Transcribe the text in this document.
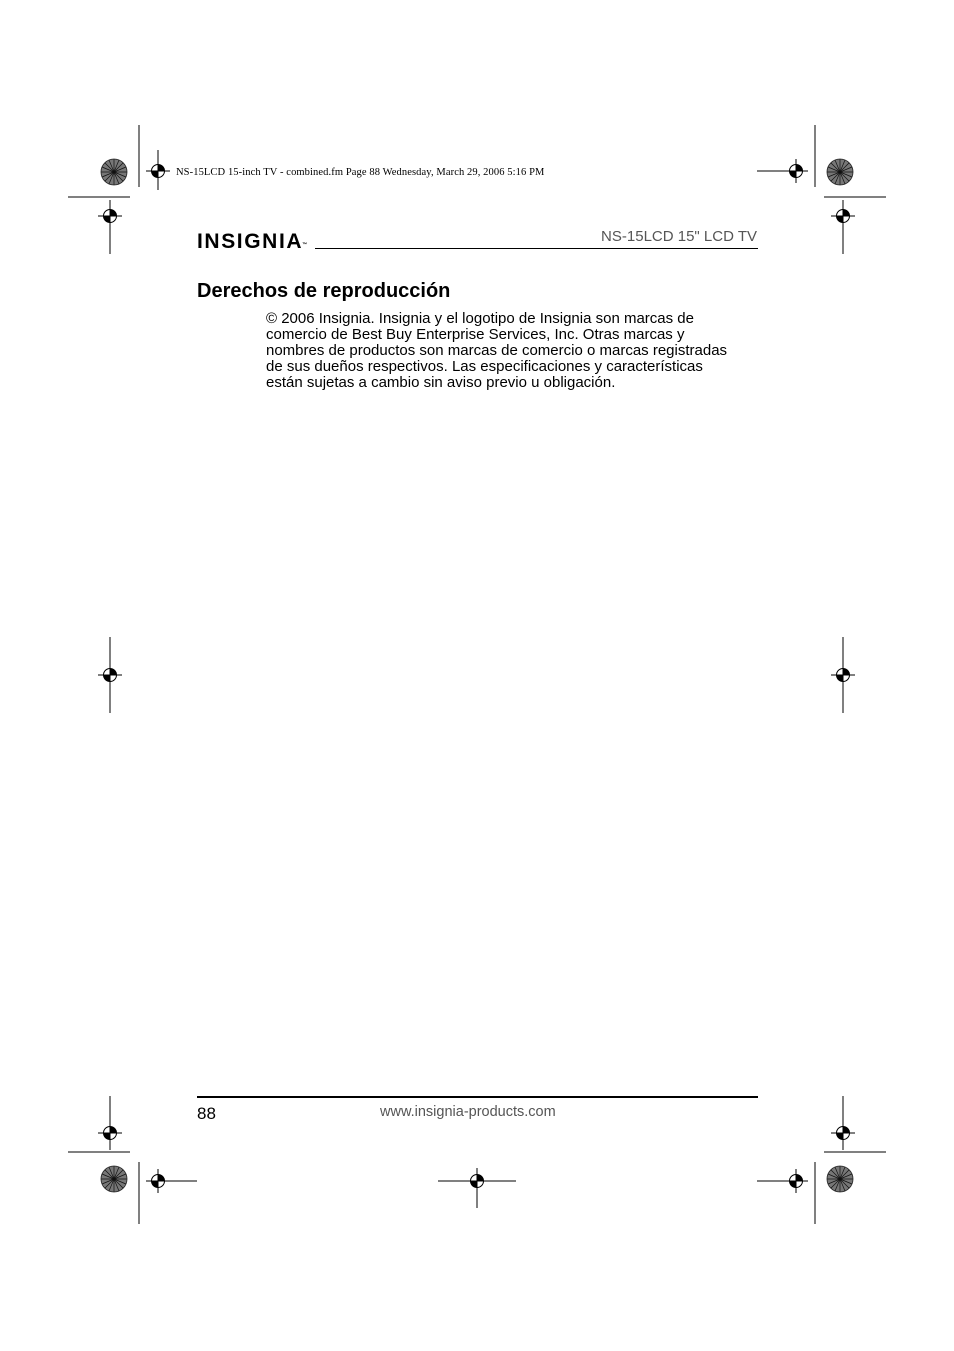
NS-15LCD 15-inch TV - combined.fm Page 88 Wednesday, March 29, 2006 5:16 PM
INSIGNIA™	NS-15LCD 15" LCD TV
Derechos de reproducción

© 2006 Insignia. Insignia y el logotipo de Insignia son marcas de
comercio de Best Buy Enterprise Services, Inc. Otras marcas y
nombres de productos son marcas de comercio o marcas registradas
de sus dueños respectivos. Las especificaciones y características
están sujetas a cambio sin aviso previo u obligación.

88	www.insignia-products.com
